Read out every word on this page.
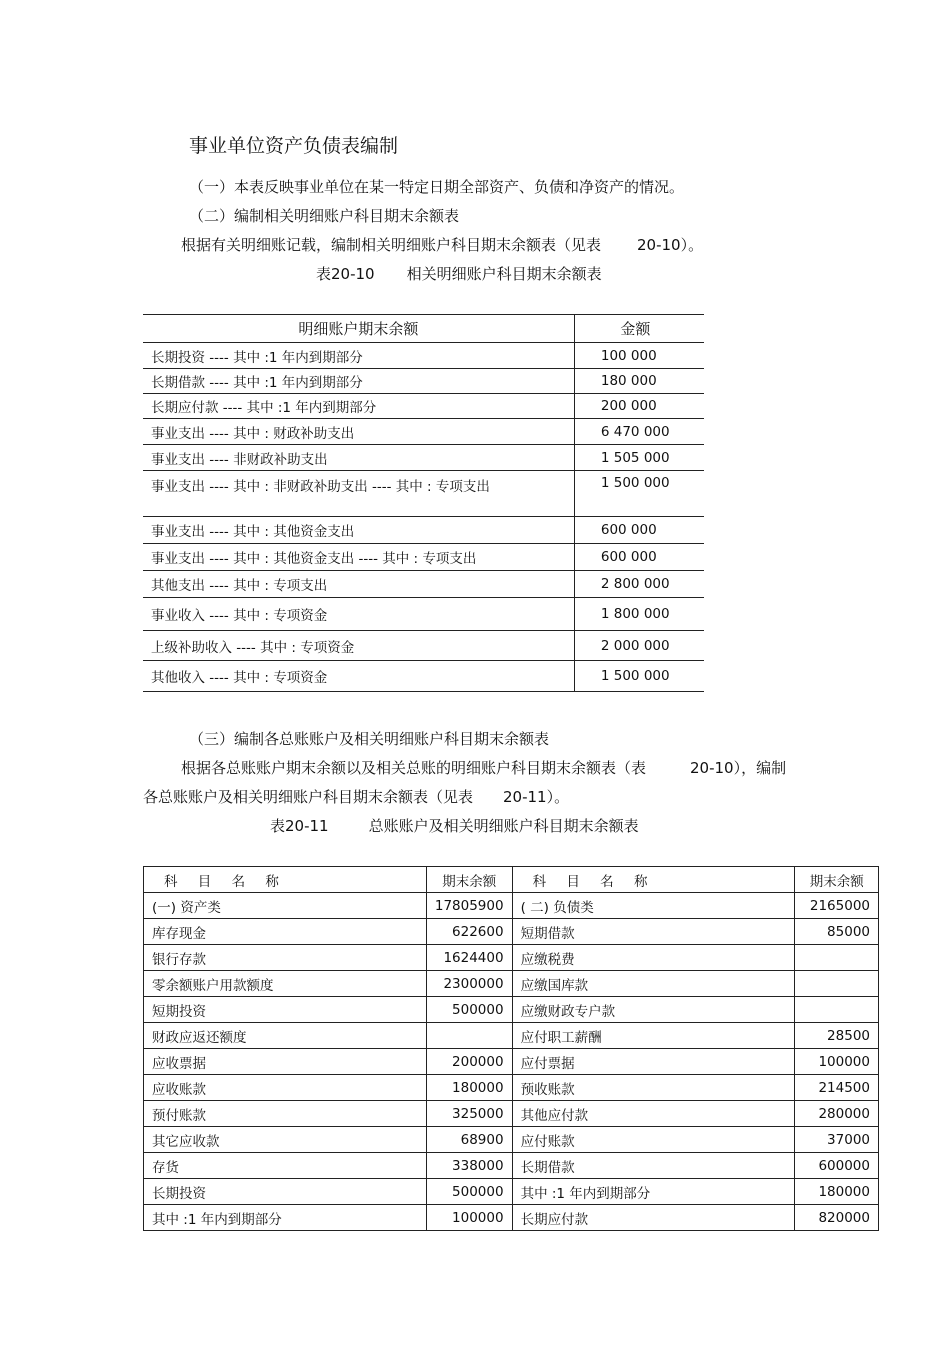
事业单位资产负债表编制
（一）本表反映事业单位在某一特定日期全部资产、负债和净资产的情况。
（二）编制相关明细账户科目期末余额表
根据有关明细账记载，编制相关明细账户科目期末余额表（见表 20-10）。
表20-10 相关明细账户科目期末余额表
明细账户期末余额	金额
长期投资 ---- 其中 :1 年内到期部分	100 000
长期借款 ---- 其中 :1 年内到期部分	180 000
长期应付款 ---- 其中 :1 年内到期部分	200 000
事业支出 ---- 其中 : 财政补助支出	6 470 000
事业支出 ---- 非财政补助支出	1 505 000
事业支出 ---- 其中 : 非财政补助支出 ---- 其中 : 专项支出	1 500 000
事业支出 ---- 其中 : 其他资金支出	600 000
事业支出 ---- 其中 : 其他资金支出 ---- 其中 : 专项支出	600 000
其他支出 ---- 其中 : 专项支出	2 800 000
事业收入 ---- 其中 : 专项资金	1 800 000
上级补助收入 ---- 其中 : 专项资金	2 000 000
其他收入 ---- 其中 : 专项资金	1 500 000
（三）编制各总账账户及相关明细账户科目期末余额表
根据各总账账户期末余额以及相关总账的明细账户科目期末余额表（表	20-10），编制
各总账账户及相关明细账户科目期末余额表（见表 20-11）。
表20-11	总账账户及相关明细账户科目期末余额表
科 目 名 称	期末余额	科 目 名 称	期末余额
(一) 资产类	17805900	( 二) 负债类	2165000
库存现金	622600	短期借款	85000
银行存款	1624400	应缴税费	
零余额账户用款额度	2300000	应缴国库款	
短期投资	500000	应缴财政专户款	
财政应返还额度		应付职工薪酬	28500
应收票据	200000	应付票据	100000
应收账款	180000	预收账款	214500
预付账款	325000	其他应付款	280000
其它应收款	68900	应付账款	37000
存货	338000	长期借款	600000
长期投资	500000	其中 :1 年内到期部分	180000
其中 :1 年内到期部分	100000	长期应付款	820000
